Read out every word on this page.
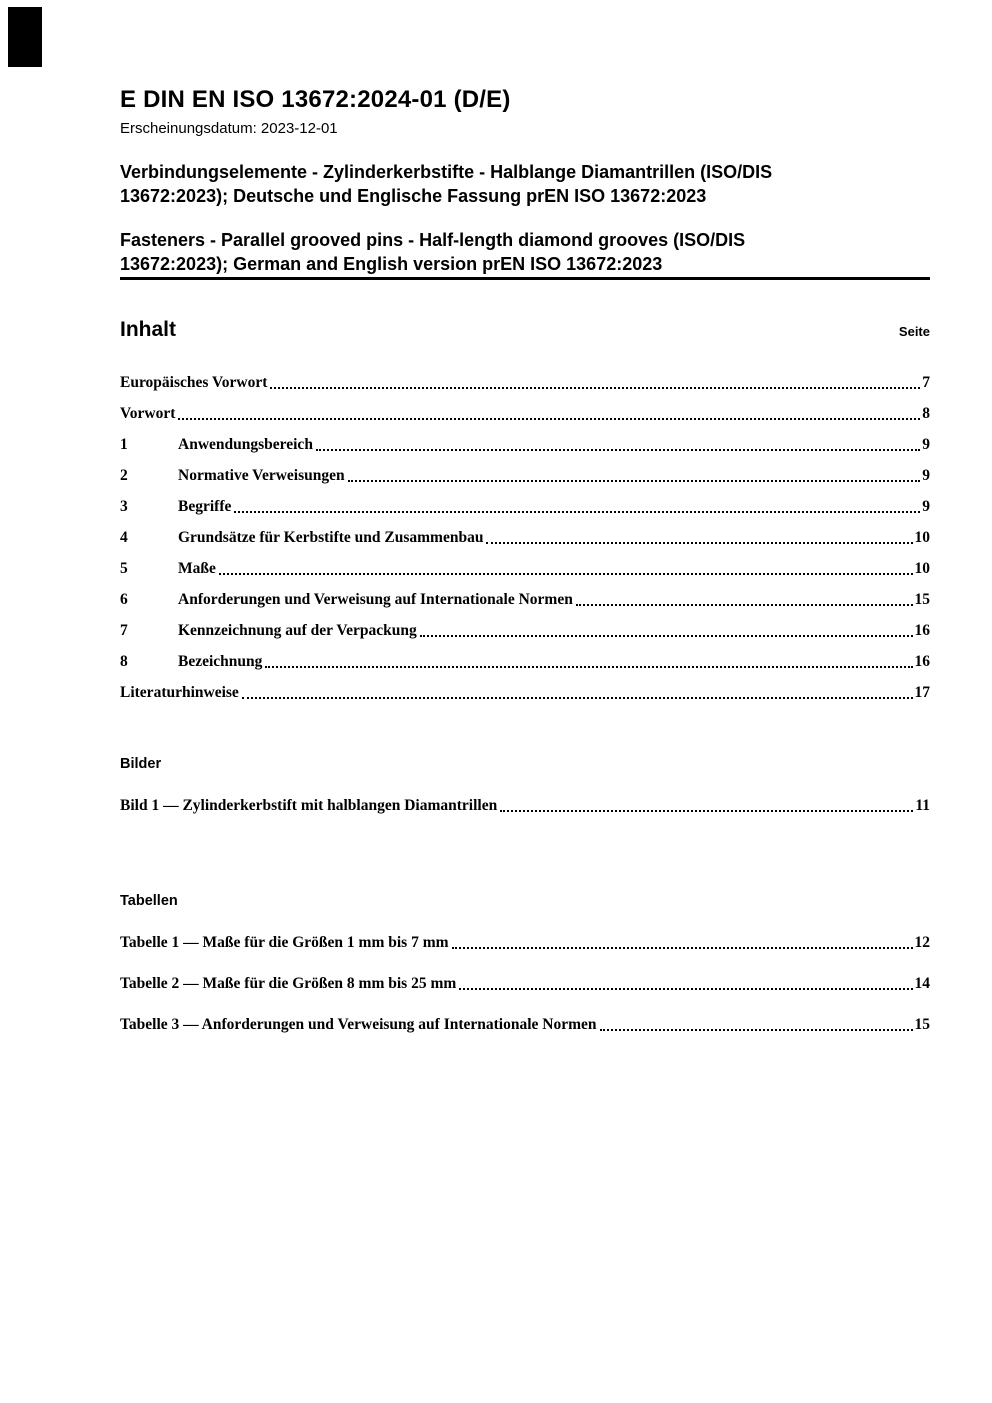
E DIN EN ISO 13672:2024-01 (D/E)
Erscheinungsdatum: 2023-12-01
Verbindungselemente - Zylinderkerbstifte - Halblange Diamantrillen (ISO/DIS
13672:2023); Deutsche und Englische Fassung prEN ISO 13672:2023
Fasteners - Parallel grooved pins - Half-length diamond grooves (ISO/DIS
13672:2023); German and English version prEN ISO 13672:2023
Inhalt	Seite
Europäisches Vorwort	7
Vorwort	8
1	Anwendungsbereich	9
2	Normative Verweisungen	9
3	Begriffe	9
4	Grundsätze für Kerbstifte und Zusammenbau	10
5	Maße	10
6	Anforderungen und Verweisung auf Internationale Normen	15
7	Kennzeichnung auf der Verpackung	16
8	Bezeichnung	16
Literaturhinweise	17
Bilder
Bild 1 — Zylinderkerbstift mit halblangen Diamantrillen	11
Tabellen
Tabelle 1 — Maße für die Größen 1 mm bis 7 mm	12
Tabelle 2 — Maße für die Größen 8 mm bis 25 mm	14
Tabelle 3 — Anforderungen und Verweisung auf Internationale Normen	15
